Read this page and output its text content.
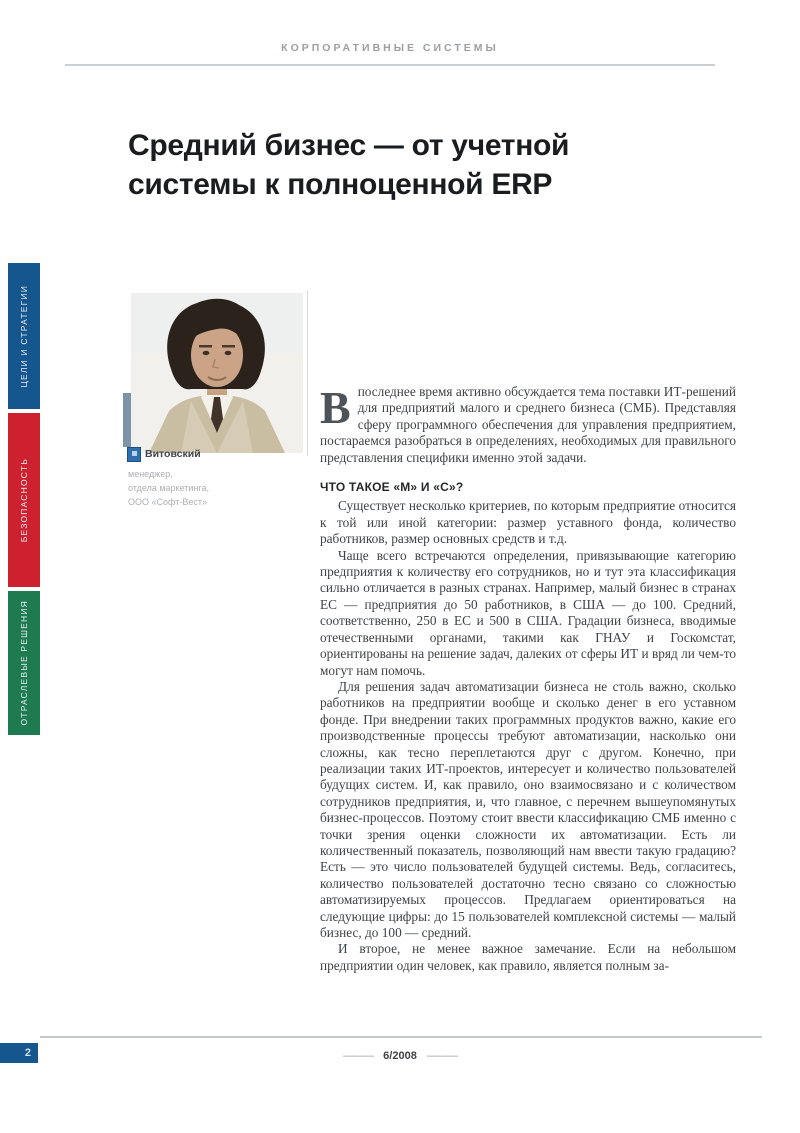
КОРПОРАТИВНЫЕ СИСТЕМЫ
Средний бизнес — от учетной
системы к полноценной ERP
ЦЕЛИ И СТРАТЕГИИ
БЕЗОПАСНОСТЬ
ОТРАСЛЕВЫЕ РЕШЕНИЯ
Витовский
менеджер,
отдела маркетинга,
ООО «Софт-Вест»

Впоследнее время активно обсуждается тема поставки ИТ-решений для предприятий малого и среднего бизнеса (СМБ). Представляя сферу программного обеспечения для управления предприятием, постараемся разобраться в определениях, необходимых для правильного представления специфики именно этой задачи.

ЧТО ТАКОЕ «М» И «С»?

Существует несколько критериев, по которым предприятие относится к той или иной категории: размер уставного фонда, количество работников, размер основных средств и т.д.

Чаще всего встречаются определения, привязывающие категорию предприятия к количеству его сотрудников, но и тут эта классификация сильно отличается в разных странах. Например, малый бизнес в странах ЕС — предприятия до 50 работников, в США — до 100. Средний, соответственно, 250 в ЕС и 500 в США. Градации бизнеса, вводимые отечественными органами, такими как ГНАУ и Госкомстат, ориентированы на решение задач, далеких от сферы ИТ и вряд ли чем-то могут нам помочь.

Для решения задач автоматизации бизнеса не столь важно, сколько работников на предприятии вообще и сколько денег в его уставном фонде. При внедрении таких программных продуктов важно, какие его производственные процессы требуют автоматизации, насколько они сложны, как тесно переплетаются друг с другом. Конечно, при реализации таких ИТ-проектов, интересует и количество пользователей будущих систем. И, как правило, оно взаимосвязано и с количеством сотрудников предприятия, и, что главное, с перечнем вышеупомянутых бизнес-процессов. Поэтому стоит ввести классификацию СМБ именно с точки зрения оценки сложности их автоматизации. Есть ли количественный показатель, позволяющий нам ввести такую градацию? Есть — это число пользователей будущей системы. Ведь, согласитесь, количество пользователей достаточно тесно связано со сложностью автоматизируемых процессов. Предлагаем ориентироваться на следующие цифры: до 15 пользователей комплексной системы — малый бизнес, до 100 — средний.

И второе, не менее важное замечание. Если на небольшом предприятии один человек, как правило, является полным за-

——— 6/2008 ———
2
